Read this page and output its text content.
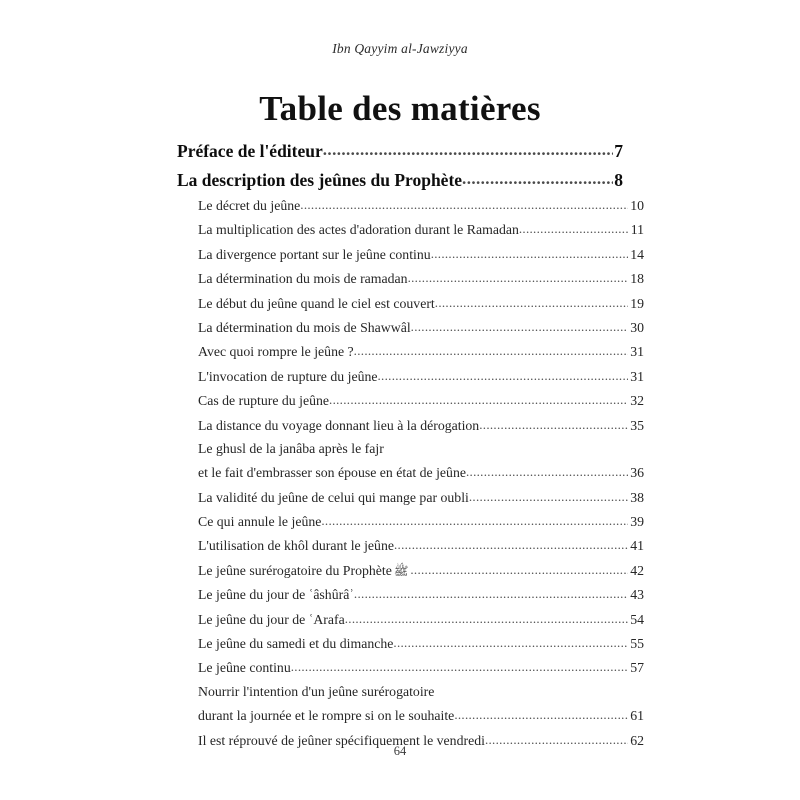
Ibn Qayyim al-Jawziyya
Table des matières
Préface de l'éditeur .....	7
La description des jeûnes du Prophète .....	8
Le décret du jeûne .....	10
La multiplication des actes d'adoration durant le Ramadan .....	11
La divergence portant sur le jeûne continu .....	14
La détermination du mois de ramadan .....	18
Le début du jeûne quand le ciel est couvert .....	19
La détermination du mois de Shawwâl .....	30
Avec quoi rompre le jeûne ? .....	31
L'invocation de rupture du jeûne .....	31
Cas de rupture du jeûne .....	32
La distance du voyage donnant lieu à la dérogation .....	35
Le ghusl de la janâba après le fajr
et le fait d'embrasser son épouse en état de jeûne .....	36
La validité du jeûne de celui qui mange par oubli .....	38
Ce qui annule le jeûne .....	39
L'utilisation de khôl durant le jeûne .....	41
Le jeûne surérogatoire du Prophète ﷺ .....	42
Le jeûne du jour de ʿâshûrâʾ .....	43
Le jeûne du jour de ʿArafa .....	54
Le jeûne du samedi et du dimanche .....	55
Le jeûne continu .....	57
Nourrir l'intention d'un jeûne surérogatoire
durant la journée et le rompre si on le souhaite .....	61
Il est réprouvé de jeûner spécifiquement le vendredi .....	62
64
